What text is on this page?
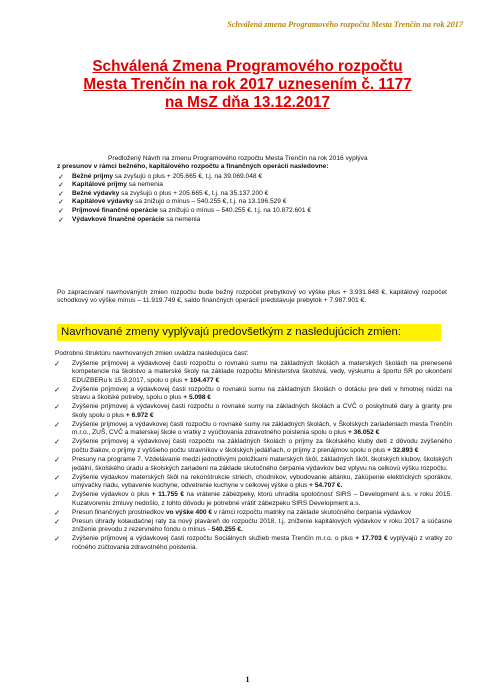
Schválená zmena Programového rozpočtu Mesta Trenčín na rok 2017
Schválená Zmena Programového rozpočtu
Mesta Trenčín na rok 2017 uznesením č. 1177
na MsZ dňa 13.12.2017
Predložený Návrh na zmenu Programového rozpočtu Mesta Trenčín na rok 2016 vyplýva
z presunov v rámci bežného, kapitálového rozpočtu a finančných operácií nasledovne:
✓ Bežné príjmy sa zvyšujú o plus + 205.665 €, t.j. na 39.069.048 €
✓ Kapitálové príjmy sa nemenia
✓ Bežné výdavky sa zvyšujú o plus + 205.665 €, t.j. na 35.137.200 €
✓ Kapitálové výdavky sa znižujú o mínus – 540.255 €, t.j. na 13.196.529 €
✓ Príjmové finančné operácie sa znižujú o mínus – 540.255 €, t.j. na 10.872.601 €
✓ Výdavkové finančné operácie sa nemenia
Po zapracovaní navrhovaných zmien rozpočtu bude bežný rozpočet prebytkový vo výške plus + 3.931.848 €, kapitálový rozpočet schodkový vo výške mínus – 11.919.749 €, saldo finančných operácií predstavuje prebytok + 7.987.901 €.
Navrhované zmeny vyplývajú predovšetkým z nasledujúcich zmien:
Podrobnú štruktúru navrhovaných zmien uvádza nasledujúca časť:
✓ Zvýšenie príjmovej a výdavkovej časti rozpočtu o rovnakú sumu na základných školách a materských školách na prenesené kompetencie na školstvo a materské školy na základe rozpočtu Ministerstva školstva, vedy, výskumu a športu SR po ukončení EDUZBERu k 15.9.2017, spolu o plus + 104.477 €
✓ Zvýšenie príjmovej a výdavkovej časti rozpočtu o rovnakú sumu na základných školách o dotáciu pre deti v hmotnej núdzi na stravu a školské potreby, spolu o plus + 5.098 €
✓ Zvýšenie príjmovej a výdavkovej časti rozpočtu o rovnaké sumy na základných školách a CVČ o poskytnuté dary a granty pre školy spolu o plus + 6.972 €
✓ Zvýšenie príjmovej a výdavkovej časti rozpočtu o rovnaké sumy na základných školách, v Školských zariadeniach mesta Trenčín m.r.o., ZUŠ, CVČ a materskej škole o vratky z vyúčtovania zdravotného poistenia spolu o plus + 36.052 €
✓ Zvýšenie príjmovej a výdavkovej časti rozpočtu na základných školách o príjmy za školského kluby detí z dôvodu zvýšeného počtu žiakov, o príjmy z vyššieho počtu stravníkov v školských jedálňach, o príjmy z prenájmov spolu o plus + 32.893 €
✓ Presuny na programe 7. Vzdelávanie medzi jednotlivými položkami materských škôl, základných škôl, školských klubov, školských jedální, školského úradu a školských zariadení na základe skutočného čerpania výdavkov bez vplyvu na celkovú výšku rozpočtu.
✓ Zvýšenie výdavkov materských škôl na rekonštrukcie striech, chodníkov, vybudovanie altánku, zakúpenie elektrických sporákov, umývačky riadu, vybavenie kuchyne, odvetrenie kuchyne v celkovej výške o plus + 54.707 €.
✓ Zvýšenie výdavkov o plus + 11.755 € na vrátenie zábezpeky, ktorú uhradila spoločnosť SIRS – Development a.s. v roku 2015. Kuzatvoreniu zmluvy nedošlo, z tohto dôvodu je potrebné vrátiť zábezpeku SIRS Development a.s.
✓ Presun finančných prostriedkov vo výške 400 € v rámci rozpočtu matriky na základe skutočného čerpania výdavkov
✓ Presun úhrady kolaudačnej raty za nový plaváreň do rozpočtu 2018, t.j. zníženie kapitálových výdavkov v roku 2017 a súčasne zníženie prevodu z rezervného fondu o mínus - 540.255 €.
✓ Zvýšenie príjmovej a výdavkovej časti rozpočtu Sociálnych služieb mesta Trenčín m.r.o. o plus + 17.703 € vyplývajú z vratky zo ročného zúčtovania zdravotného poistenia.
1
